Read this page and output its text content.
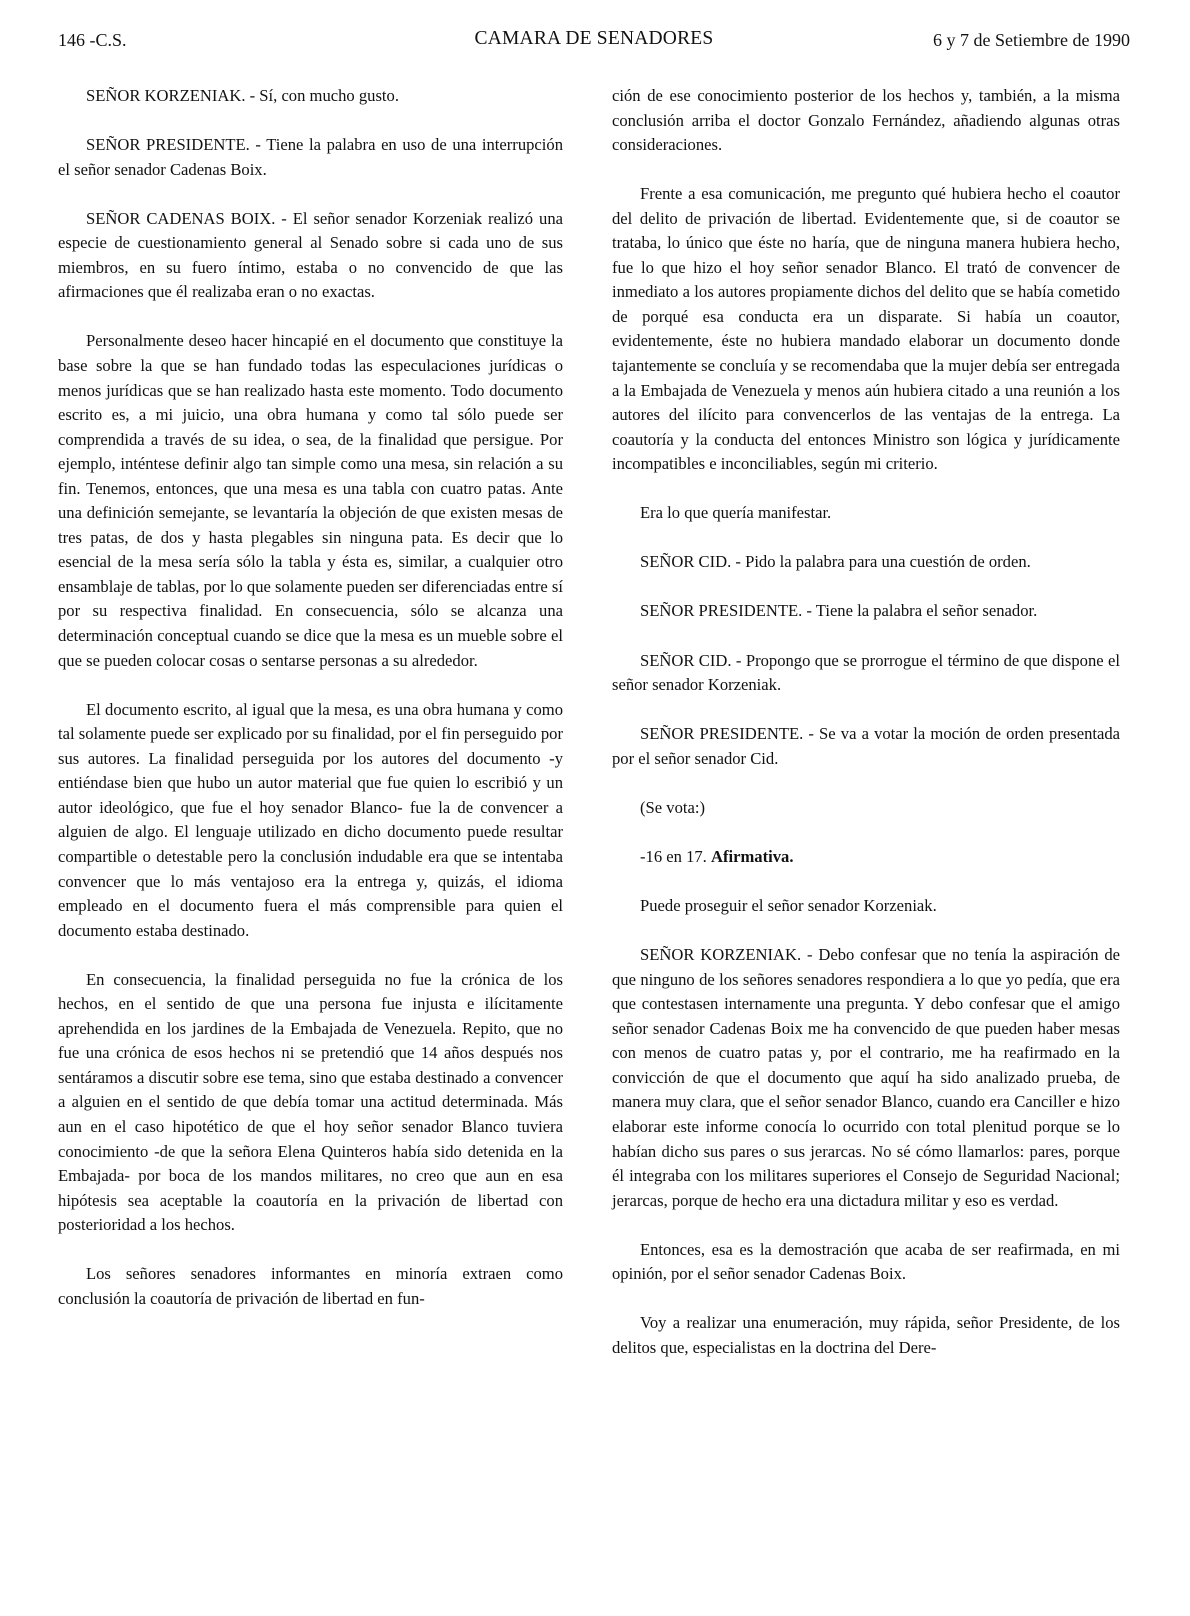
146 -C.S.	CAMARA DE SENADORES	6 y 7 de Setiembre de 1990

SEÑOR KORZENIAK. - Sí, con mucho gusto.

SEÑOR PRESIDENTE. - Tiene la palabra en uso de una interrupción el señor senador Cadenas Boix.

SEÑOR CADENAS BOIX. - El señor senador Korzeniak realizó una especie de cuestionamiento general al Senado sobre si cada uno de sus miembros, en su fuero íntimo, estaba o no convencido de que las afirmaciones que él realizaba eran o no exactas.

Personalmente deseo hacer hincapié en el documento que constituye la base sobre la que se han fundado todas las especulaciones jurídicas o menos jurídicas que se han realizado hasta este momento. Todo documento escrito es, a mi juicio, una obra humana y como tal sólo puede ser comprendida a través de su idea, o sea, de la finalidad que persigue. Por ejemplo, inténtese definir algo tan simple como una mesa, sin relación a su fin. Tenemos, entonces, que una mesa es una tabla con cuatro patas. Ante una definición semejante, se levantaría la objeción de que existen mesas de tres patas, de dos y hasta plegables sin ninguna pata. Es decir que lo esencial de la mesa sería sólo la tabla y ésta es, similar, a cualquier otro ensamblaje de tablas, por lo que solamente pueden ser diferenciadas entre sí por su respectiva finalidad. En consecuencia, sólo se alcanza una determinación conceptual cuando se dice que la mesa es un mueble sobre el que se pueden colocar cosas o sentarse personas a su alrededor.

El documento escrito, al igual que la mesa, es una obra humana y como tal solamente puede ser explicado por su finalidad, por el fin perseguido por sus autores. La finalidad perseguida por los autores del documento -y entiéndase bien que hubo un autor material que fue quien lo escribió y un autor ideológico, que fue el hoy senador Blanco- fue la de convencer a alguien de algo. El lenguaje utilizado en dicho documento puede resultar compartible o detestable pero la conclusión indudable era que se intentaba convencer que lo más ventajoso era la entrega y, quizás, el idioma empleado en el documento fuera el más comprensible para quien el documento estaba destinado.

En consecuencia, la finalidad perseguida no fue la crónica de los hechos, en el sentido de que una persona fue injusta e ilícitamente aprehendida en los jardines de la Embajada de Venezuela. Repito, que no fue una crónica de esos hechos ni se pretendió que 14 años después nos sentáramos a discutir sobre ese tema, sino que estaba destinado a convencer a alguien en el sentido de que debía tomar una actitud determinada. Más aun en el caso hipotético de que el hoy señor senador Blanco tuviera conocimiento -de que la señora Elena Quinteros había sido detenida en la Embajada- por boca de los mandos militares, no creo que aun en esa hipótesis sea aceptable la coautoría en la privación de libertad con posterioridad a los hechos.

Los señores senadores informantes en minoría extraen como conclusión la coautoría de privación de libertad en fun-

ción de ese conocimiento posterior de los hechos y, también, a la misma conclusión arriba el doctor Gonzalo Fernández, añadiendo algunas otras consideraciones.

Frente a esa comunicación, me pregunto qué hubiera hecho el coautor del delito de privación de libertad. Evidentemente que, si de coautor se trataba, lo único que éste no haría, que de ninguna manera hubiera hecho, fue lo que hizo el hoy señor senador Blanco. El trató de convencer de inmediato a los autores propiamente dichos del delito que se había cometido de porqué esa conducta era un disparate. Si había un coautor, evidentemente, éste no hubiera mandado elaborar un documento donde tajantemente se concluía y se recomendaba que la mujer debía ser entregada a la Embajada de Venezuela y menos aún hubiera citado a una reunión a los autores del ilícito para convencerlos de las ventajas de la entrega. La coautoría y la conducta del entonces Ministro son lógica y jurídicamente incompatibles e inconciliables, según mi criterio.

Era lo que quería manifestar.

SEÑOR CID. - Pido la palabra para una cuestión de orden.

SEÑOR PRESIDENTE. - Tiene la palabra el señor senador.

SEÑOR CID. - Propongo que se prorrogue el término de que dispone el señor senador Korzeniak.

SEÑOR PRESIDENTE. - Se va a votar la moción de orden presentada por el señor senador Cid.

(Se vota:)

-16 en 17. Afirmativa.

Puede proseguir el señor senador Korzeniak.

SEÑOR KORZENIAK. - Debo confesar que no tenía la aspiración de que ninguno de los señores senadores respondiera a lo que yo pedía, que era que contestasen internamente una pregunta. Y debo confesar que el amigo señor senador Cadenas Boix me ha convencido de que pueden haber mesas con menos de cuatro patas y, por el contrario, me ha reafirmado en la convicción de que el documento que aquí ha sido analizado prueba, de manera muy clara, que el señor senador Blanco, cuando era Canciller e hizo elaborar este informe conocía lo ocurrido con total plenitud porque se lo habían dicho sus pares o sus jerarcas. No sé cómo llamarlos: pares, porque él integraba con los militares superiores el Consejo de Seguridad Nacional; jerarcas, porque de hecho era una dictadura militar y eso es verdad.

Entonces, esa es la demostración que acaba de ser reafirmada, en mi opinión, por el señor senador Cadenas Boix.

Voy a realizar una enumeración, muy rápida, señor Presidente, de los delitos que, especialistas en la doctrina del Dere-
